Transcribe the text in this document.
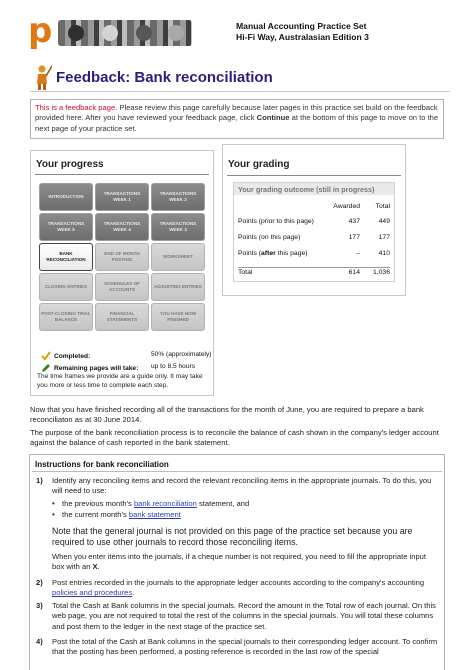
p	Manual Accounting Practice Set
Hi-Fi Way, Australasian Edition 3
Feedback: Bank reconciliation
This is a feedback page. Please review this page carefully because later pages in this practice set build on the feedback provided here. After you have reviewed your feedback page, click Continue at the bottom of this page to move on to the next page of your practice set.
Your progress
INTRODUCTION
TRANSACTIONS WEEK 1
TRANSACTIONS WEEK 2
TRANSACTIONS WEEK 5
TRANSACTIONS WEEK 4
TRANSACTIONS WEEK 3
BANK RECONCILIATION
END OF MONTH POSTING
WORKSHEET
CLOSING ENTRIES
SCHEDULES OF ACCOUNTS
ADJUSTING ENTRIES
POST-CLOSING TRIAL BALANCE
FINANCIAL STATEMENTS
YOU HAVE NOW FINISHED
Completed:	50% (approximately)
Remaining pages will take: up to 8.5 hours
The time frames we provide are a guide only. It may take you more or less time to complete each step.
Your grading
Your grading outcome (still in progress)
Awarded	Total
Points (prior to this page)	437	449
Points (on this page)	177	177
Points (after this page)	–	410
Total	614	1,036
Now that you have finished recording all of the transactions for the month of June, you are required to prepare a bank reconciliaton as at 30 June 2014.
The purpose of the bank reconciliation process is to reconcile the balance of cash shown in the company's ledger account against the balance of cash reported in the bank statement.
Instructions for bank reconciliation
1)	Identify any reconciling items and record the relevant reconciling items in the appropriate journals. To do this, you will need to use:
• the previous month's bank reconciliation statement, and
• the current month's bank statement
Note that the general journal is not provided on this page of the practice set because you are required to use other journals to record those reconciling items.
When you enter items into the journals, if a cheque number is not required, you need to fill the appropriate input box with an X.
2)	Post entries recorded in the journals to the appropriate ledger accounts according to the company's accounting policies and procedures.
3)	Total the Cash at Bank columns in the special journals. Record the amount in the Total row of each journal. On this web page, you are not required to total the rest of the columns in the special journals. You will total these columns and post them to the ledger in the next stage of the practice set.
4)	Post the total of the Cash at Bank columns in the special journals to their corresponding ledger account. To confirm that the posting has been performed, a posting reference is recorded in the last row of the special
